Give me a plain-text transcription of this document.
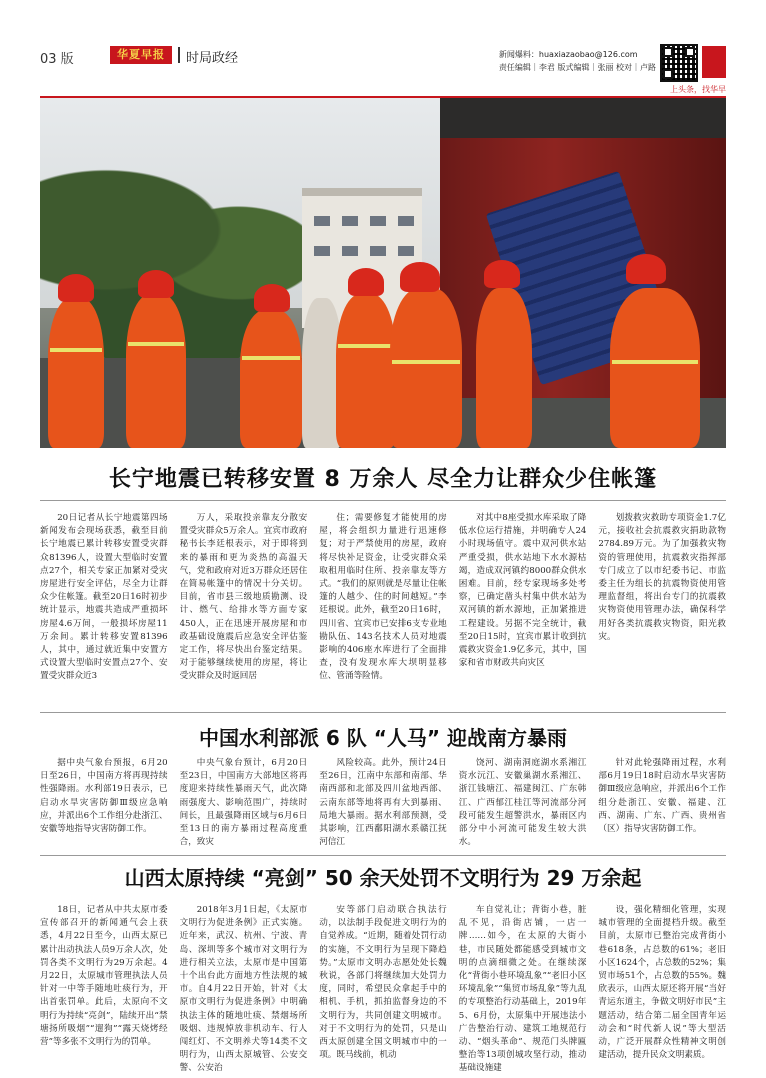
03 版	华夏早报	时局政经	新闻爆料：huaxiazaobao@126.com
责任编辑｜李君 版式编辑｜张丽 校对｜卢路
上头条，找华早
长宁地震已转移安置 8 万余人 尽全力让群众少住帐篷

20日记者从长宁地震第四场新闻发布会现场获悉，截至目前长宁地震已累计转移安置受灾群众81396人，设置大型临时安置点27个，相关专家正加紧对受灾房屋进行安全评估，尽全力让群众少住帐篷。截至20日16时初步统计显示，地震共造成严重损坏房屋4.6万间，一般损坏房屋11万余间。累计转移安置81396人，其中，通过就近集中安置方式设置大型临时安置点27个、安置受灾群众近3

万人，采取投亲靠友分散安置受灾群众5万余人。宜宾市政府秘书长李廷根表示，对于即将到来的暴雨和更为炎热的高温天气，党和政府对近3万群众还居住在简易帐篷中的情况十分关切。目前，省市县三级地质勘测、设计、燃气、给排水等方面专家450人，正在迅速开展房屋和市政基础设施震后应急安全评估鉴定工作，将尽快出台鉴定结果。对于能够继续使用的房屋，将让受灾群众及时返回居

住；需要修复才能使用的房屋，将会组织力量进行迅速修复；对于严禁使用的房屋，政府将尽快补足资金，让受灾群众采取租用临时住所、投亲靠友等方式。“我们的原则就是尽量让住帐篷的人越少、住的时间越短。”李廷根说。此外，截至20日16时，四川省、宜宾市已安排6支专业地勘队伍、143名技术人员对地震影响的406座水库进行了全面排查，没有发现水库大坝明显移位、管涌等险情。

对其中8座受损水库采取了降低水位运行措施，并明确专人24小时现场值守。震中双河供水站严重受损，供水站地下水水源枯竭，造成双河镇约8000群众供水困难。目前，经专家现场多处考察，已确定凿头村集中供水站为双河镇的新水源地，正加紧推进工程建设。另据不完全统计，截至20日15时，宜宾市累计收到抗震救灾资金1.9亿多元，其中，国家和省市财政共向灾区

划拨救灾救助专项资金1.7亿元，接收社会抗震救灾捐助款物2784.89万元。为了加强救灾物资的管理使用，抗震救灾指挥部专门成立了以市纪委书记、市监委主任为组长的抗震物资使用管理监督组，将出台专门的抗震救灾物资使用管理办法，确保科学用好各类抗震救灾物资，阳光救灾。

中国水利部派 6 队 “人马” 迎战南方暴雨

据中央气象台预报，6月20日至26日，中国南方将再现持续性强降雨。水利部19日表示，已启动水旱灾害防御Ⅲ级应急响应，并派出6个工作组分赴浙江、安徽等地指导灾害防御工作。

中央气象台预计，6月20日至23日，中国南方大部地区将再度迎来持续性暴雨天气，此次降雨强度大、影响范围广，持续时间长，且最强降雨区域与6月6日至13日的南方暴雨过程高度重合，致灾

风险较高。此外，预计24日至26日，江南中东部和南部、华南西部和北部及四川盆地西部、云南东部等地将再有大到暴雨、局地大暴雨。据水利部预测，受其影响，江西鄱阳湖水系赣江抚河信江

饶河、湖南洞庭湖水系湘江资水沅江、安徽巢湖水系湘江、浙江钱塘江、福建闽江、广东韩江、广西郁江桂江等河流部分河段可能发生超警洪水，暴雨区内部分中小河流可能发生较大洪水。

针对此轮强降雨过程，水利部6月19日18时启动水旱灾害防御Ⅲ级应急响应，并派出6个工作组分赴浙江、安徽、福建、江西、湖南、广东、广西、贵州省（区）指导灾害防御工作。

山西太原持续 “亮剑” 50 余天处罚不文明行为 29 万余起

18日，记者从中共太原市委宣传部召开的新闻通气会上获悉，4月22日至今，山西太原已累计出动执法人员9万余人次，处罚各类不文明行为29万余起。4月22日，太原城市管理执法人员针对一中等手随地吐痰行为，开出首张罚单。此后，太原向不文明行为持续“亮剑”，陆续开出“禁塘扬所吸烟”“遛狗”“露天烧烤经营”等多张不文明行为的罚单。

2018年3月1日起，《太原市文明行为促进条例》正式实施。近年来，武汉、杭州、宁波、青岛、深圳等多个城市对文明行为进行相关立法，太原市是中国第十个出台此方面地方性法规的城市。自4月22日开始，针对《太原市文明行为促进条例》中明确执法主体的随地吐痰、禁烟场所吸烟、违规悼放非机动车、行人闯红灯、不文明养犬等14类不文明行为，山西太原城管、公安交警、公安治

安等部门启动联合执法行动，以法制手段促进文明行为的自觉养成。“近期，随着处罚行动的实施，不文明行为呈现下降趋势。”太原市文明办志愿处处长魏秋说，各部门将继续加大处罚力度，同时，希望民众拿起手中的相机、手机，抓拍监督身边的不文明行为，共同创建文明城市。对于不文明行为的处罚，只是山西太原创建全国文明城市中的一项。既马线前，机动

车自觉礼让；背街小巷，脏乱不见，沿街店铺，一店一牌……如今，在太原的大街小巷，市民随处都能感受到城市文明的点滴细微之处。在继续深化“背街小巷环境乱象”“老旧小区环境乱象”“集贸市场乱象”等九乱的专项整治行动基础上，2019年5、6月份，太原集中开展违法小广告整治行动、建筑工地规范行动、“烟头革命”、规范门头牌匾整治等13项创城攻坚行动，推动基础设施建

设，强化精细化管理，实现城市管理的全面提档升级。截至目前，太原市已整治完成背街小巷618条，占总数的61%；老旧小区1624个，占总数的52%；集贸市场51个，占总数的55%。魏欣表示，山西太原还将开展“当好青运东道主，争做文明好市民”主题活动，结合第二届全国青年运动会和“时代新人说”等大型活动，广泛开展群众性精神文明创建活动，提升民众文明素质。
